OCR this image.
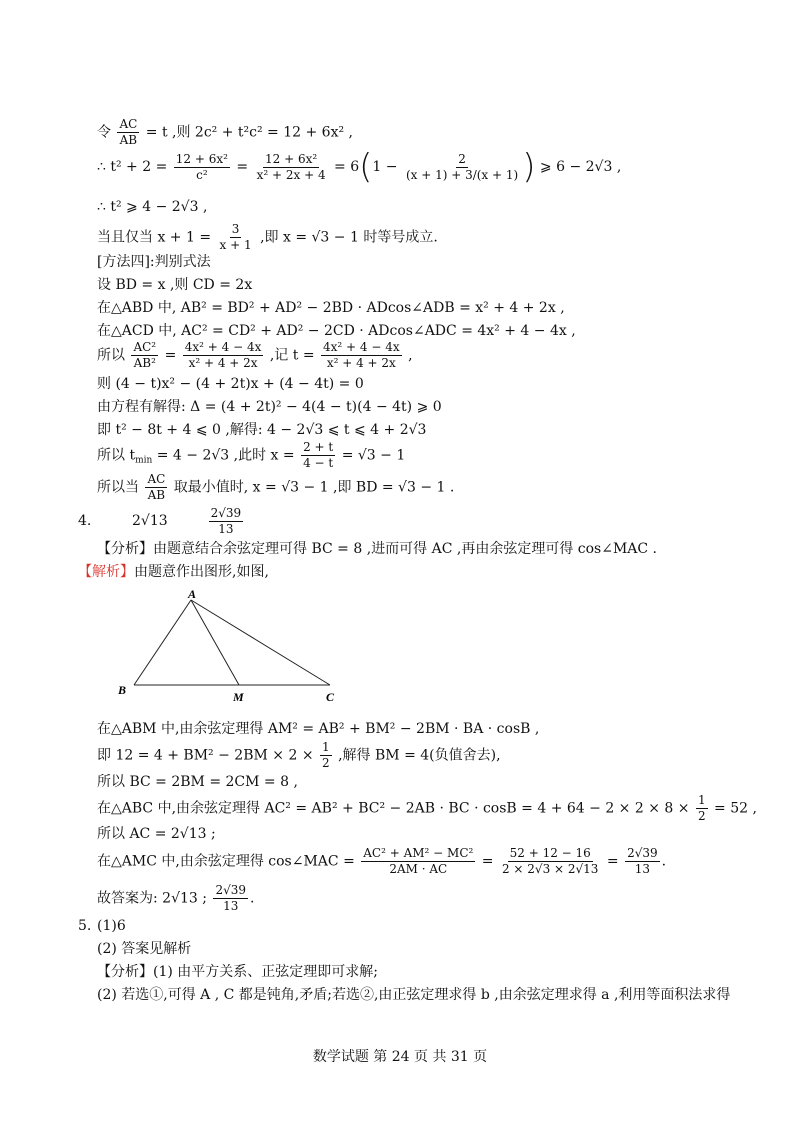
令 $\frac{AC}{AB} = t$ ,则 2c² + t²c² = 12 + 6x² ,
∴ $t^2 + 2 = \frac{\text{12 + 6x²}}{\text{c²}} = \frac{\text{12 + 6x²}}{\text{x² + 2x + 4}} = 6(1 - \frac{2}{(x + 1) + 3/(x + 1)}$ ) ⩾ 6 − 2√3 ,
∴ t² ⩾ 4 − 2√3 ,
当且仅当 $x + 1 = \frac{3}{x + 1}$ ,即 x = √3 − 1 时等号成立.
[方法四]:判别式法
设 BD = x ,则 CD = 2x
在△ABD 中, AB² = BD² + AD² − 2BD · ADcos∠ADB = x² + 4 + 2x ,
在△ACD 中, AC² = CD² + AD² − 2CD · ADcos∠ADC = 4x² + 4 − 4x ,
所以 $\frac{\text{AC²}}{\text{AB²}} = \frac{\text{4x² + 4 − 4x}}{\text{x² + 4 + 2x}}$ ,记 $t = \frac{\text{4x² + 4 − 4x}}{\text{x² + 4 + 2x}}$ ,
则 (4 − t)x² − (4 + 2t)x + (4 − 4t) = 0
由方程有解得: Δ = (4 + 2t)² − 4(4 − t)(4 − 4t) ⩾ 0
即 t² − 8t + 4 ⩽ 0 ,解得: 4 − 2√3 ⩽ t ⩽ 4 + 2√3
所以 $t_{min} = 4 - 2√3$ ,此时 $x = \frac{2 + t}{4 - t} = √3 - 1$
所以当 $\frac{AC}{AB}$ 取最小值时, x = √3 − 1 ,即 BD = √3 − 1 .
4.	2√13	$\frac{2√39}{13}$
【分析】由题意结合余弦定理可得 BC = 8 ,进而可得 AC ,再由余弦定理可得 cos∠MAC .
【解析】由题意作出图形,如图,
A
B	M	C
在△ABM 中,由余弦定理得 AM² = AB² + BM² − 2BM · BA · cosB ,
即 $12 = 4 + BM^2 - 2BM \times 2 \times \frac{1}{2}$ ,解得 BM = 4(负值舍去),
所以 BC = 2BM = 2CM = 8 ,
在△ABC 中,由余弦定理得 AC² = AB² + BC² − 2AB · BC · $\cos B = 4 + 64 - 2 \times 2 \times 8 \times \frac{1}{2} = 52$ ,
所以 AC = 2√13 ;
在△AMC 中,由余弦定理得 cos∠MAC = $\frac{\text{AC² + AM² − MC²}}{2AM \cdot AC} = \frac{52 + 12 - 16}{2 \times 2√3 \times 2√13} = \frac{2√39}{13}$ .
故答案为: 2√13 ; $\frac{2√39}{13}$ .
5. (1)6
(2) 答案见解析
【分析】(1) 由平方关系、正弦定理即可求解;
(2) 若选①,可得 A , C 都是钝角,矛盾;若选②,由正弦定理求得 b ,由余弦定理求得 a ,利用等面积法求得
数学试题 第 24 页 共 31 页
